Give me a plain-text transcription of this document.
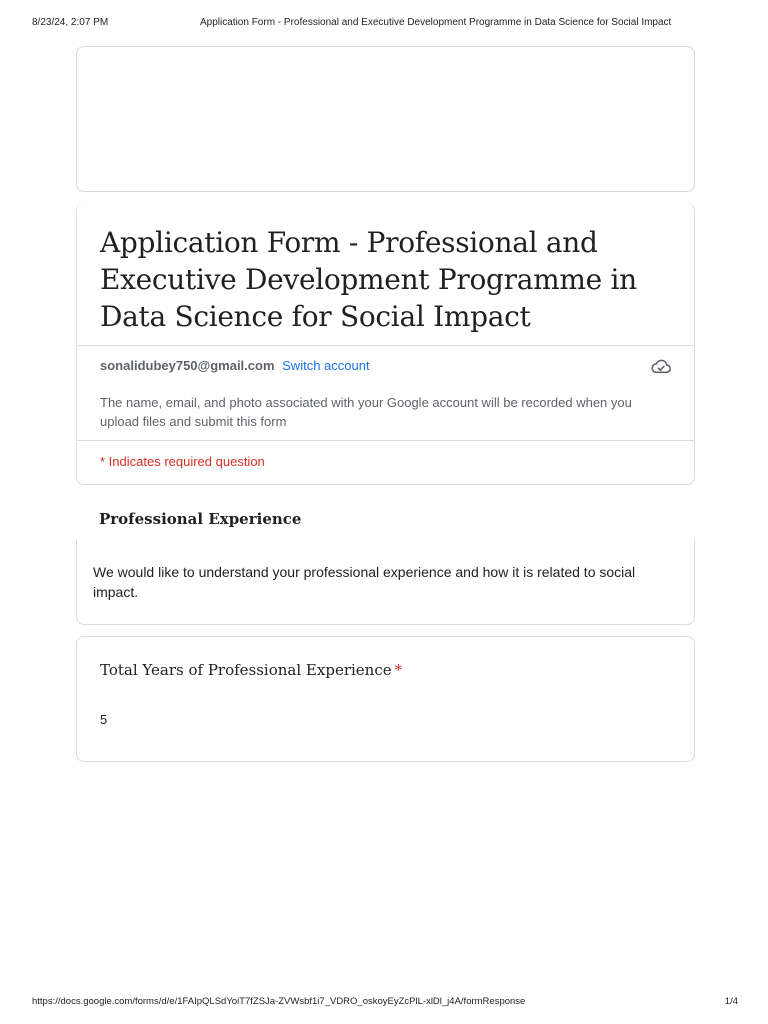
8/23/24, 2:07 PM	Application Form - Professional and Executive Development Programme in Data Science for Social Impact
Application Form - Professional and Executive Development Programme in Data Science for Social Impact
sonalidubey750@gmail.com Switch account
The name, email, and photo associated with your Google account will be recorded when you upload files and submit this form
* Indicates required question
Professional Experience
We would like to understand your professional experience and how it is related to social impact.
Total Years of Professional Experience *
5
https://docs.google.com/forms/d/e/1FAIpQLSdYoiT7fZSJa-ZVWsbf1i7_VDRO_oskoyEyZcPlL-xlDl_j4A/formResponse	1/4
